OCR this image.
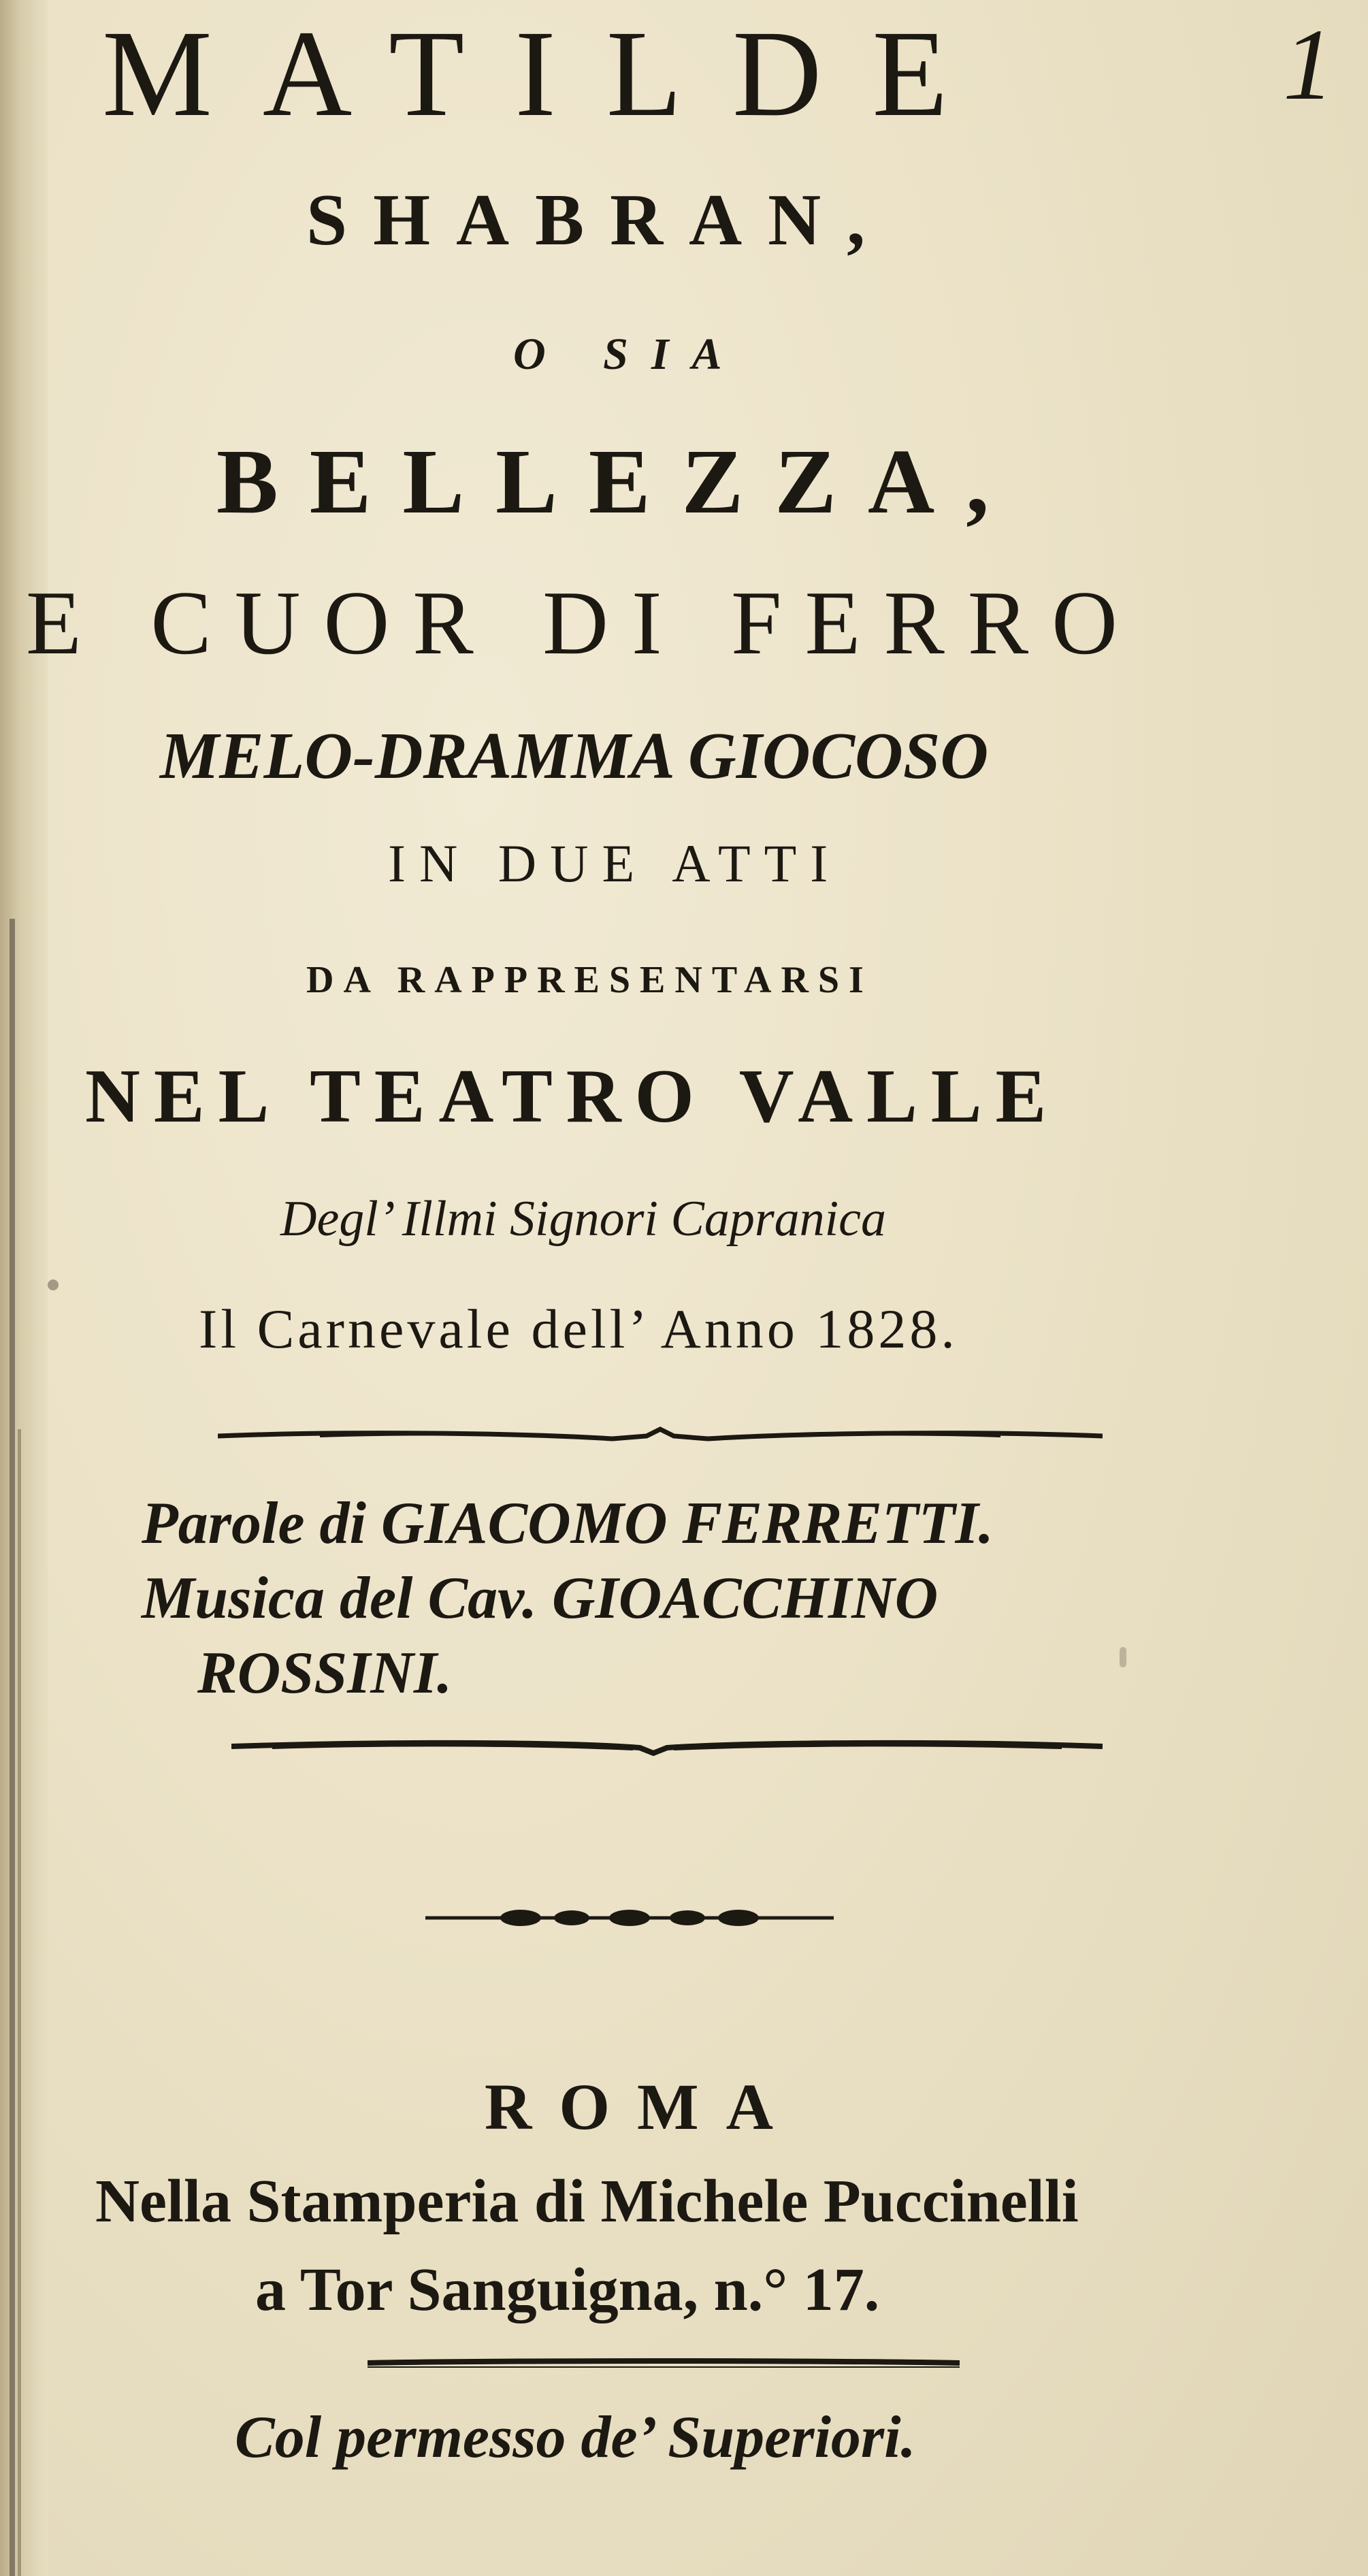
MATILDE	1
SHABRAN,
O SIA
BELLEZZA,
E CUOR DI FERRO
MELO-DRAMMA GIOCOSO
IN DUE ATTI
DA RAPPRESENTARSI
NEL TEATRO VALLE
Degl’ Illmi Signori Capranica
Il Carnevale dell’ Anno 1828.
Parole di GIACOMO FERRETTI.
Musica del Cav. GIOACCHINO
ROSSINI.
ROMA
Nella Stamperia di Michele Puccinelli
a Tor Sanguigna, n.° 17.
Col permesso de’ Superiori.
